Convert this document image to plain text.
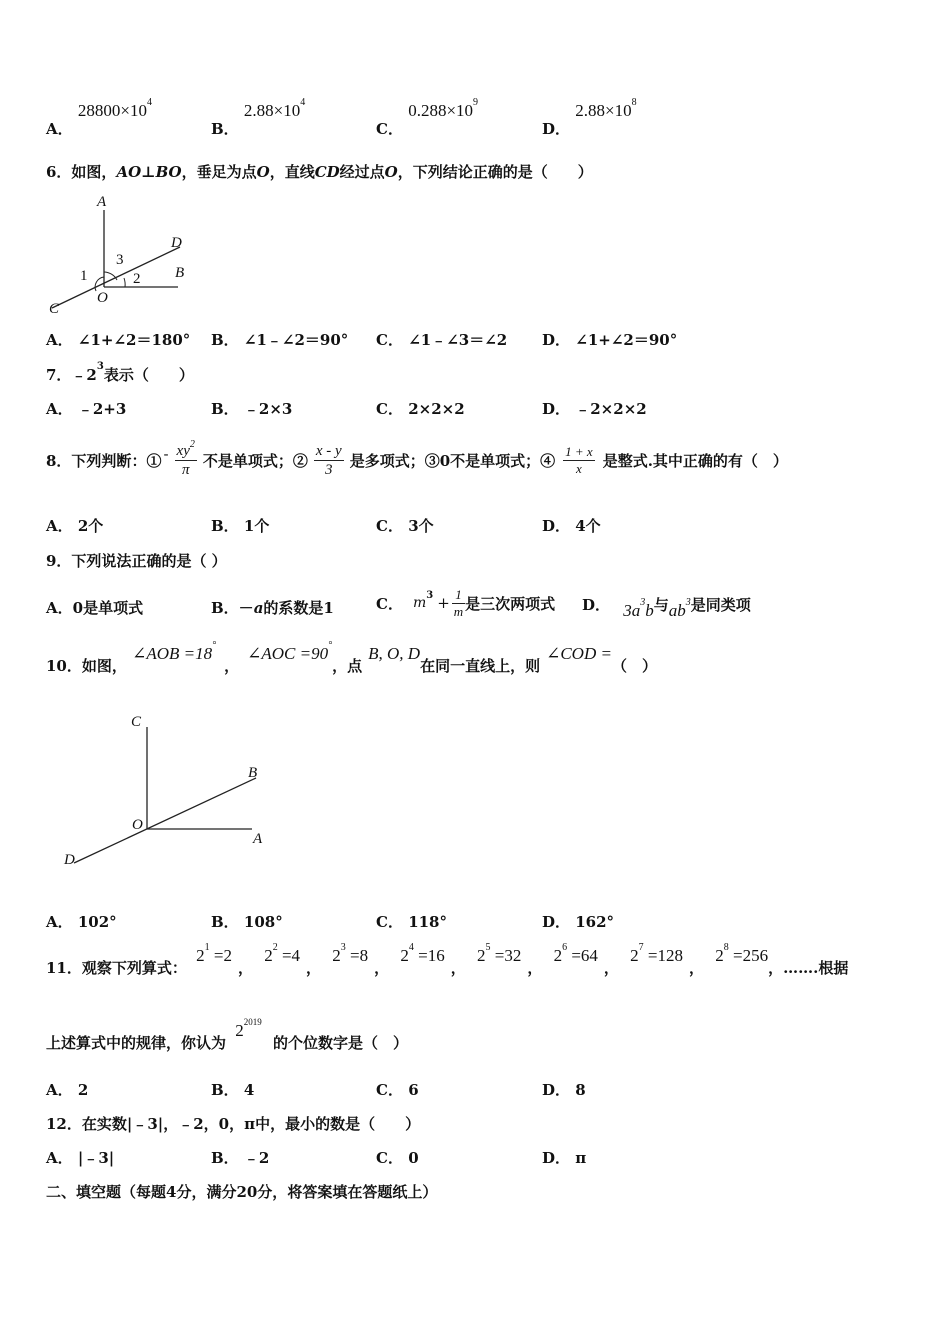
A． $28800\times 10^4$
B． $2.88\times 10^4$
C． $0.288\times 10^9$
D． $2.88\times 10^8$
6．如图，AO⊥BO，垂足为点O，直线CD经过点O，下列结论正确的是（　　）
A
D
B
C
O
1	2
3
A． ∠1+∠2＝180° B． ∠1﹣∠2＝90° C． ∠1﹣∠3＝∠2 D． ∠1+∠2＝90°
7．$﹣2^3$表示（　　）
A． ﹣2+3	B． ﹣2×3	C． 2×2×2	D． ﹣2×2×2
8．下列判断：① - $\frac{xy^2}{\pi}$ 不是单项式；② $\frac{x - y}{3}$ 是多项式；③0不是单项式；④ $\frac{1 + x}{x}$ 是整式.其中正确的有（　）
A． 2个	B． 1个	C． 3个	D． 4个
9．下列说法正确的是（ ）
A．0是单项式	B．－a的系数是1	C． m $3 + \frac{1}{m}$ 是三次两项式 D． $3a^3b$与$ab^3$是同类项
10．如图， ∠AOB =18°，∠AOC =90°，点B, O, D在同一直线上，则∠COD =（　）
C
B
O
A
D
A． 102°	B． 108°	C． 118°	D． 162°
11．观察下列算式： $2^1 =2$， $2^2 =4$， $2^3 =8$， $2^4 =16$， $2^5 =32$， $2^6 =64$， $2^7 =128$， $2^8 =256$，…….根据
上述算式中的规律，你认为 $2^{2019}$ 的个位数字是（　）
A． 2	B． 4	C． 6	D． 8
12．在实数|﹣3|，﹣2，0，π中，最小的数是（　　）
A． |﹣3|	B． ﹣2	C． 0	D． π
二、填空题（每题4分，满分20分，将答案填在答题纸上）
